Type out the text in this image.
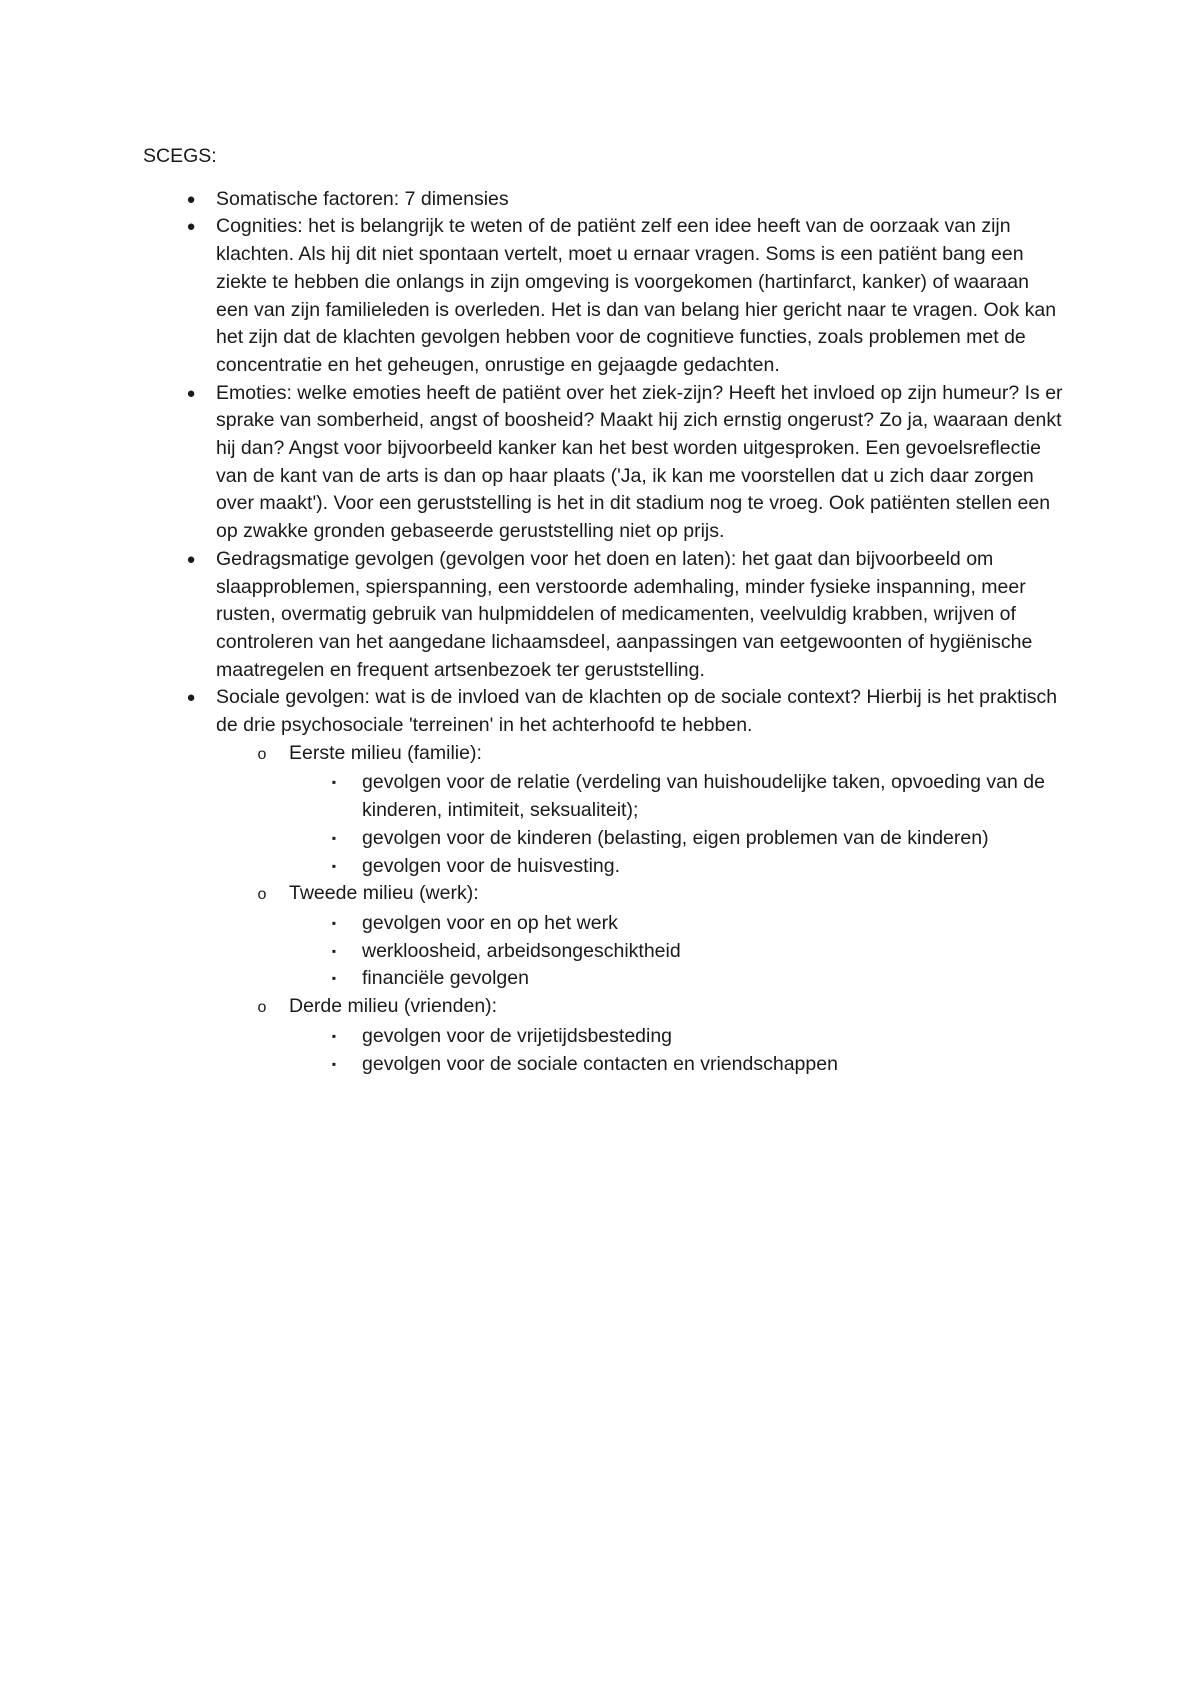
SCEGS:
● Somatische factoren: 7 dimensies
● Cognities: het is belangrijk te weten of de patiënt zelf een idee heeft van de oorzaak van zijn klachten. Als hij dit niet spontaan vertelt, moet u ernaar vragen. Soms is een patiënt bang een ziekte te hebben die onlangs in zijn omgeving is voorgekomen (hartinfarct, kanker) of waaraan een van zijn familieleden is overleden. Het is dan van belang hier gericht naar te vragen. Ook kan het zijn dat de klachten gevolgen hebben voor de cognitieve functies, zoals problemen met de concentratie en het geheugen, onrustige en gejaagde gedachten.
● Emoties: welke emoties heeft de patiënt over het ziek-zijn? Heeft het invloed op zijn humeur? Is er sprake van somberheid, angst of boosheid? Maakt hij zich ernstig ongerust? Zo ja, waaraan denkt hij dan? Angst voor bijvoorbeeld kanker kan het best worden uitgesproken. Een gevoelsreflectie van de kant van de arts is dan op haar plaats ('Ja, ik kan me voorstellen dat u zich daar zorgen over maakt'). Voor een geruststelling is het in dit stadium nog te vroeg. Ook patiënten stellen een op zwakke gronden gebaseerde geruststelling niet op prijs.
● Gedragsmatige gevolgen (gevolgen voor het doen en laten): het gaat dan bijvoorbeeld om slaapproblemen, spierspanning, een verstoorde ademhaling, minder fysieke inspanning, meer rusten, overmatig gebruik van hulpmiddelen of medicamenten, veelvuldig krabben, wrijven of controleren van het aangedane lichaamsdeel, aanpassingen van eetgewoonten of hygiënische maatregelen en frequent artsenbezoek ter geruststelling.
● Sociale gevolgen: wat is de invloed van de klachten op de sociale context? Hierbij is het praktisch de drie psychosociale 'terreinen' in het achterhoofd te hebben.
o Eerste milieu (familie):
▪ gevolgen voor de relatie (verdeling van huishoudelijke taken, opvoeding van de kinderen, intimiteit, seksualiteit);
▪ gevolgen voor de kinderen (belasting, eigen problemen van de kinderen)
▪ gevolgen voor de huisvesting.
o Tweede milieu (werk):
▪ gevolgen voor en op het werk
▪ werkloosheid, arbeidsongeschiktheid
▪ financiële gevolgen
o Derde milieu (vrienden):
▪ gevolgen voor de vrijetijdsbesteding
▪ gevolgen voor de sociale contacten en vriendschappen
